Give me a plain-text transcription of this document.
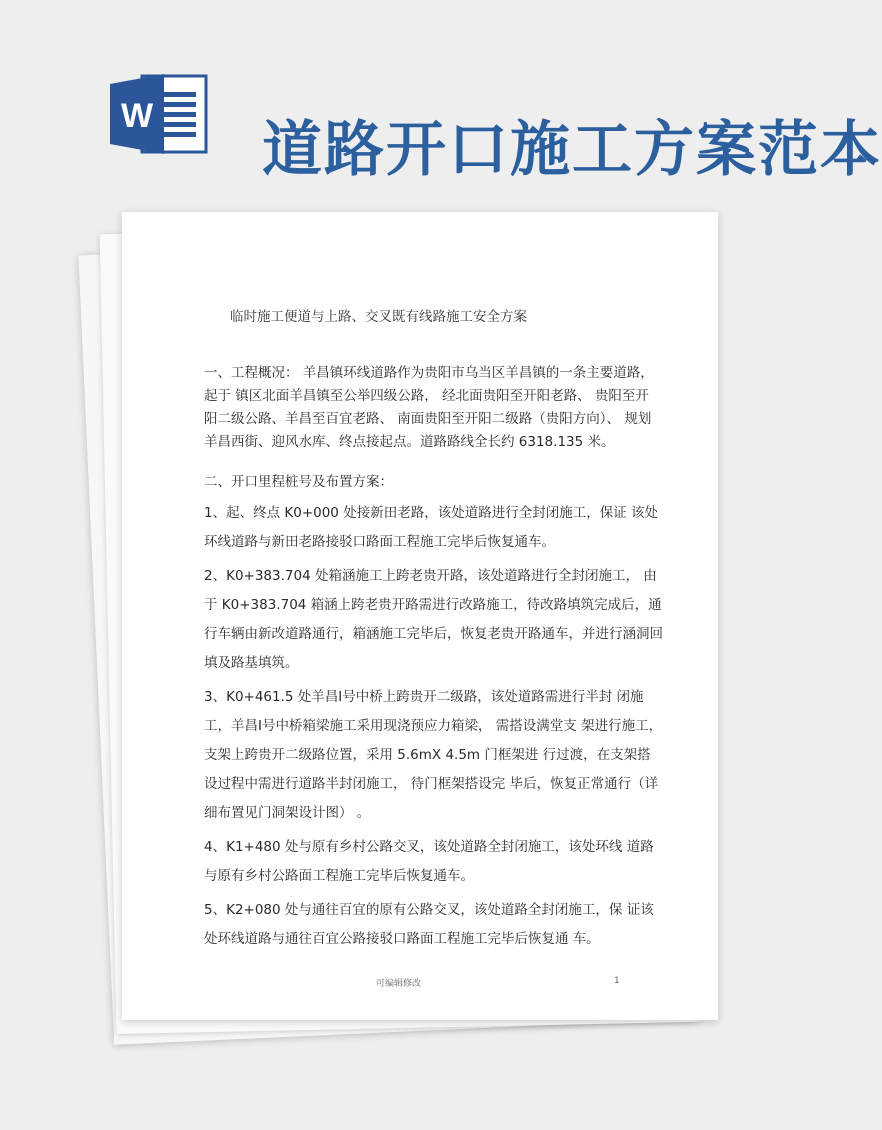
W 道路开口施工方案范本
临时施工便道与上路、交叉既有线路施工安全方案

一、工程概况： 羊昌镇环线道路作为贵阳市乌当区羊昌镇的一条主要道路， 起于 镇区北面羊昌镇至公举四级公路， 经北面贵阳至开阳老路、 贵阳至开 阳二级公路、羊昌至百宜老路、 南面贵阳至开阳二级路（贵阳方向）、 规划羊昌西街、迎风水库、终点接起点。道路路线全长约 6318.135 米。

二、开口里程桩号及布置方案：

1、起、终点 K0+000 处接新田老路，该处道路进行全封闭施工，保证 该处环线道路与新田老路接驳口路面工程施工完毕后恢复通车。

2、K0+383.704 处箱涵施工上跨老贵开路，该处道路进行全封闭施工， 由于 K0+383.704 箱涵上跨老贵开路需进行改路施工，待改路填筑完成后，通行车辆由新改道路通行，箱涵施工完毕后，恢复老贵开路通车，并进行涵洞回填及路基填筑。

3、K0+461.5 处羊昌Ⅰ号中桥上跨贵开二级路，该处道路需进行半封 闭施工，羊昌Ⅰ号中桥箱梁施工采用现浇预应力箱梁， 需搭设满堂支 架进行施工，支架上跨贵开二级路位置，采用 5.6mX 4.5m 门框架进 行过渡，在支架搭设过程中需进行道路半封闭施工， 待门框架搭设完 毕后，恢复正常通行（详细布置见门洞架设计图） 。

4、K1+480 处与原有乡村公路交叉，该处道路全封闭施工，该处环线 道路与原有乡村公路面工程施工完毕后恢复通车。

5、K2+080 处与通往百宜的原有公路交叉，该处道路全封闭施工，保 证该处环线道路与通往百宜公路接驳口路面工程施工完毕后恢复通 车。

可编辑修改	1
